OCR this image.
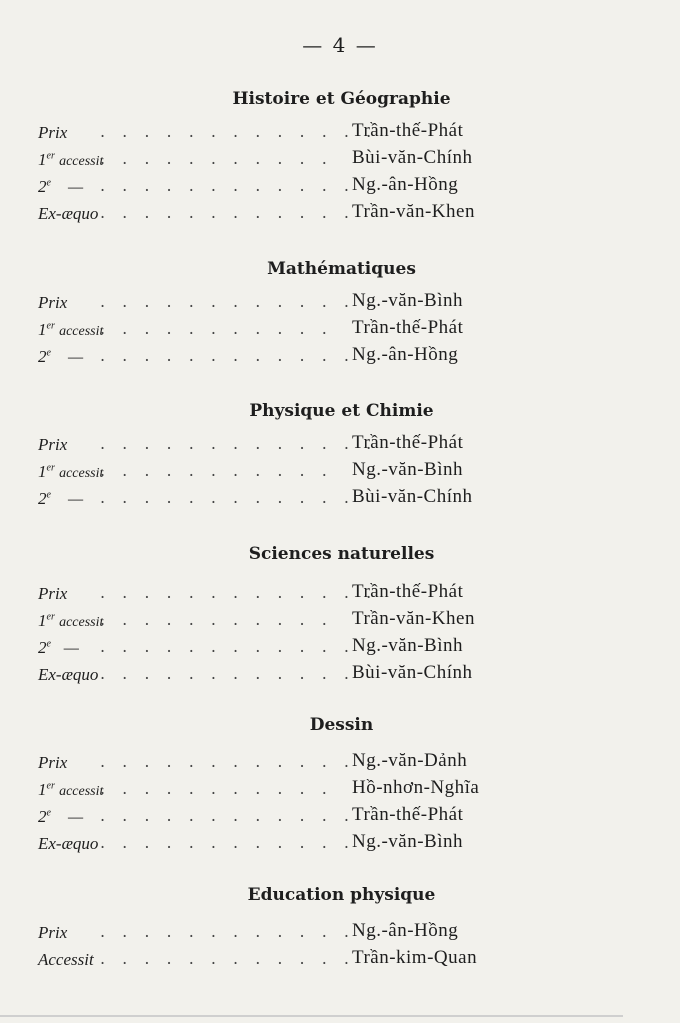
— 4 —
Histoire et Géographie
Prix . . . . . . . . . . . . .
Trần-thế-Phát
1er accessit
. . . . . . . . . . . Bùi-văn-Chính
2e    — . . . . . . . . . . . .
Ng.-ân-Hồng
Ex-æquo . . . . . . . . . . . .
Trần-văn-Khen
Mathématiques
Prix . . . . . . . . . . . . .
Ng.-văn-Bình
1er accessit
. . . . . . . . . . . Trần-thế-Phát
2e    — . . . . . . . . . . . .
Ng.-ân-Hồng
Physique et Chimie
Prix . . . . . . . . . . . . .
Trần-thế-Phát
1er accessit
. . . . . . . . . . . Ng.-văn-Bình
2e    — . . . . . . . . . . . .
Bùi-văn-Chính
Sciences naturelles
Prix . . . . . . . . . . . . .
Trần-thế-Phát
1er accessit
. . . . . . . . . . . Trần-văn-Khen
2e   — . . . . . . . . . . . .
Ng.-văn-Bình
Ex-æquo . . . . . . . . . . . .
Bùi-văn-Chính
Dessin
Prix . . . . . . . . . . . . .
Ng.-văn-Dảnh
1er accessit
. . . . . . . . . . . Hồ-nhơn-Nghĩa
2e    — . . . . . . . . . . . .
Trần-thế-Phát
Ex-æquo . . . . . . . . . . . .
Ng.-văn-Bình
Education physique
Prix . . . . . . . . . . . . .
Ng.-ân-Hồng
Accessit . . . . . . . . . . . .
Trần-kim-Quan
